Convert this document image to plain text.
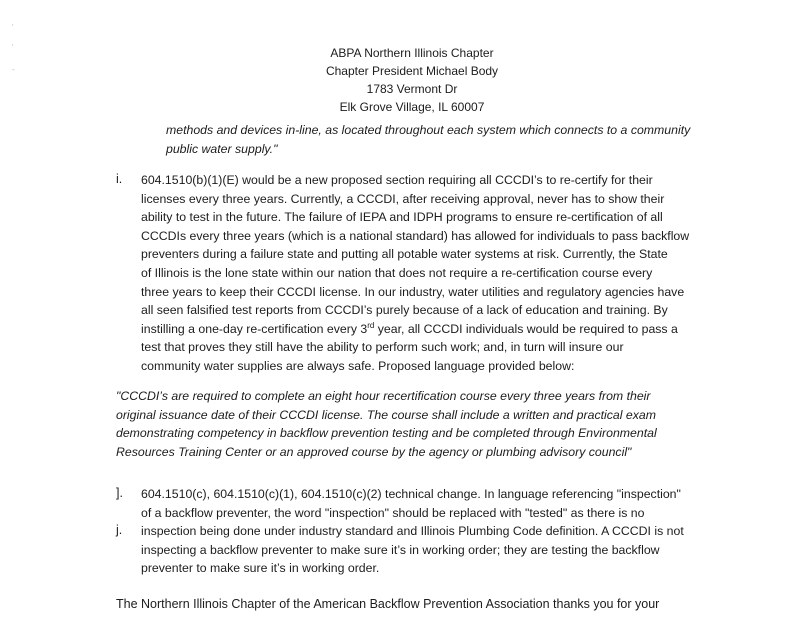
'
'
-
ABPA Northern Illinois Chapter
Chapter President Michael Body
1783 Vermont Dr
Elk Grove Village, IL 60007
methods and devices in-line, as located throughout each system which connects to a community
public water supply."
i. 604.1510(b)(1)(E) would be a new proposed section requiring all CCCDI’s to re-certify for their
licenses every three years. Currently, a CCCDI, after receiving approval, never has to show their
ability to test in the future. The failure of IEPA and IDPH programs to ensure re-certification of all
CCCDIs every three years (which is a national standard) has allowed for individuals to pass backflow
preventers during a failure state and putting all potable water systems at risk. Currently, the State
of Illinois is the lone state within our nation that does not require a re-certification course every
three years to keep their CCCDI license. In our industry, water utilities and regulatory agencies have
all seen falsified test reports from CCCDI’s purely because of a lack of education and training. By
instilling a one-day re-certification every 3rd year, all CCCDI individuals would be required to pass a
test that proves they still have the ability to perform such work; and, in turn will insure our
community water supplies are always safe. Proposed language provided below:
"CCCDI’s are required to complete an eight hour recertification course every three years from their
original issuance date of their CCCDI license. The course shall include a written and practical exam
demonstrating competency in backflow prevention testing and be completed through Environmental
Resources Training Center or an approved course by the agency or plumbing advisory council"
].
j.
604.1510(c), 604.1510(c)(1), 604.1510(c)(2) technical change. In language referencing "inspection"
of a backflow preventer, the word "inspection" should be replaced with "tested" as there is no
inspection being done under industry standard and Illinois Plumbing Code definition. A CCCDI is not
inspecting a backflow preventer to make sure it’s in working order; they are testing the backflow
preventer to make sure it’s in working order.
The Northern Illinois Chapter of the American Backflow Prevention Association thanks you for your
